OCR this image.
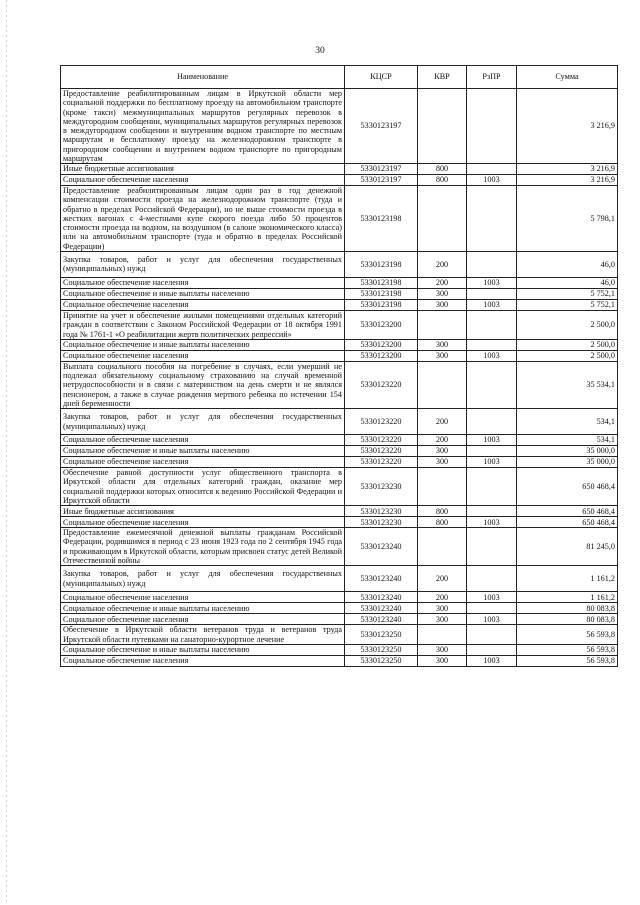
30
Наименование	КЦСР	КВР	РзПР	Сумма
Предоставление реабилитированным лицам в Иркутской области мер социальной поддержки по бесплатному проезду на автомобильном транспорте (кроме такси) межмуниципальных маршрутов регулярных перевозок в междугородном сообщении, муниципальных маршрутов регулярных перевозок в междугородном сообщении и внутренним водном транспорте по местным маршрутам и бесплатному проезду на железнодорожном транспорте в пригородном сообщении и внутреннем водном транспорте по пригородным маршрутам	5330123197			3 216,9
Иные бюджетные ассигнования	5330123197	800		3 216,9
Социальное обеспечение населения	5330123197	800	1003	3 216,9
Предоставление реабилитированным лицам один раз в год денежной компенсации стоимости проезда на железнодорожном транспорте (туда и обратно в пределах Российской Федерации), но не выше стоимости проезда в жестких вагонах с 4-местными купе скорого поезда либо 50 процентов стоимости проезда на водном, на воздушном (в салоне экономического класса) или на автомобильном транспорте (туда и обратно в пределах Российской Федерации)	5330123198			5 798,1
Закупка товаров, работ и услуг для обеспечения государственных (муниципальных) нужд	5330123198	200		46,0
Социальное обеспечение населения	5330123198	200	1003	46,0
Социальное обеспечение и иные выплаты населению	5330123198	300		5 752,1
Социальное обеспечение населения	5330123198	300	1003	5 752,1
Принятие на учет и обеспечение жилыми помещениями отдельных категорий граждан в соответствии с Законом Российской Федерации от 18 октября 1991 года № 1761-1 «О реабилитации жертв политических репрессий»	5330123200			2 500,0
Социальное обеспечение и иные выплаты населению	5330123200	300		2 500,0
Социальное обеспечение населения	5330123200	300	1003	2 500,0
Выплата социального пособия на погребение в случаях, если умерший не подлежал обязательному социальному страхованию на случай временной нетрудоспособности и в связи с материнством на день смерти и не являлся пенсионером, а также в случае рождения мертвого ребенка по истечении 154 дней беременности	5330123220			35 534,1
Закупка товаров, работ и услуг для обеспечения государственных (муниципальных) нужд	5330123220	200		534,1
Социальное обеспечение населения	5330123220	200	1003	534,1
Социальное обеспечение и иные выплаты населению	5330123220	300		35 000,0
Социальное обеспечение населения	5330123220	300	1003	35 000,0
Обеспечение равной доступности услуг общественного транспорта в Иркутской области для отдельных категорий граждан, оказание мер социальной поддержки которых относится к ведению Российской Федерации и Иркутской области	5330123230			650 468,4
Иные бюджетные ассигнования	5330123230	800		650 468,4
Социальное обеспечение населения	5330123230	800	1003	650 468,4
Предоставление ежемесячной денежной выплаты гражданам Российской Федерации, родившимся в период с 23 июня 1923 года по 2 сентября 1945 года и проживающим в Иркутской области, которым присвоен статус детей Великой Отечественной войны	5330123240			81 245,0
Закупка товаров, работ и услуг для обеспечения государственных (муниципальных) нужд	5330123240	200		1 161,2
Социальное обеспечение населения	5330123240	200	1003	1 161,2
Социальное обеспечение и иные выплаты населению	5330123240	300		80 083,8
Социальное обеспечение населения	5330123240	300	1003	80 083,8
Обеспечение в Иркутской области ветеранов труда и ветеранов труда Иркутской области путевками на санаторно-курортное лечение	5330123250			56 593,8
Социальное обеспечение и иные выплаты населению	5330123250	300		56 593,8
Социальное обеспечение населения	5330123250	300	1003	56 593,8
